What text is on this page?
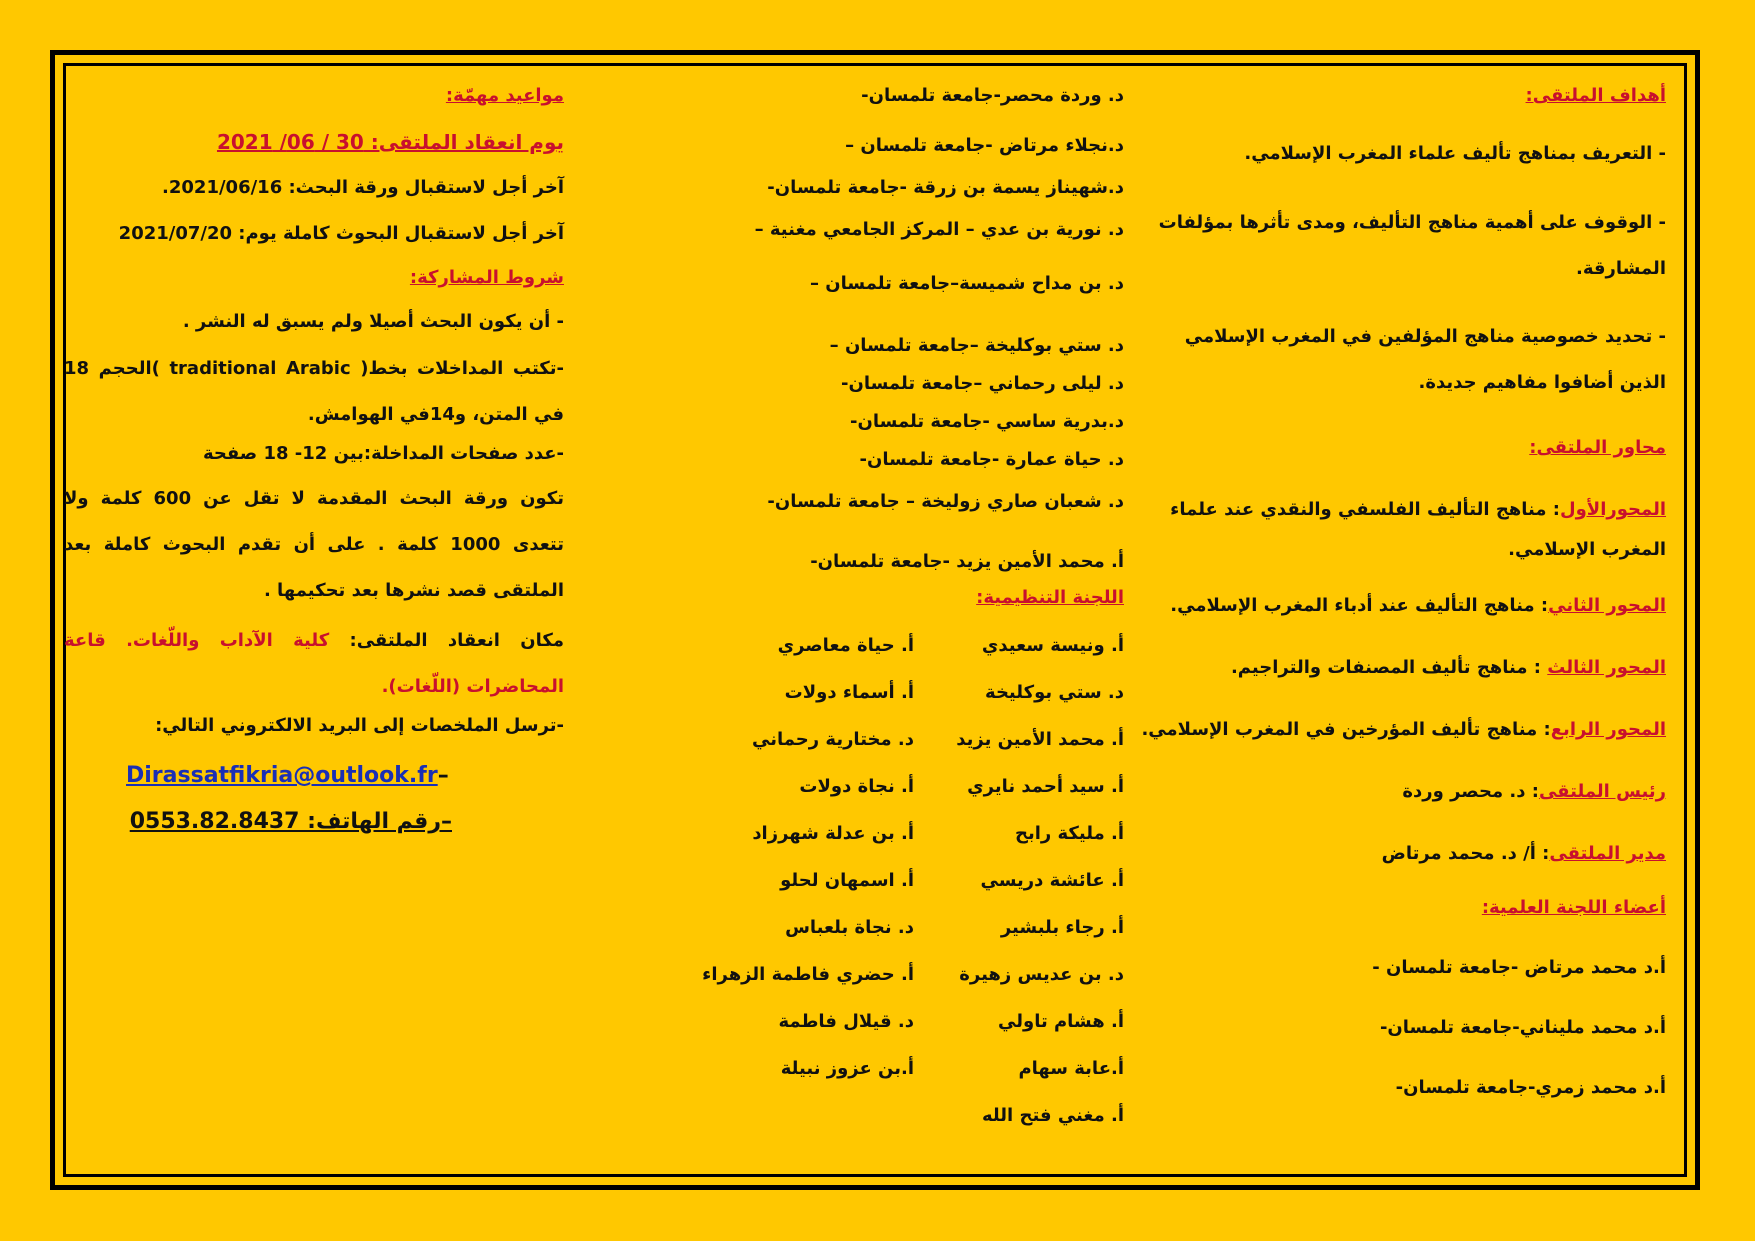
أهداف الملتقى:
- التعريف بمناهج تأليف علماء المغرب الإسلامي.
- الوقوف على أهمية مناهج التأليف، ومدى تأثرها بمؤلفات المشارقة.
- تحديد خصوصية مناهج المؤلفين في المغرب الإسلامي الذين أضافوا مفاهيم جديدة.
محاور الملتقى:
المحورالأول: مناهج التأليف الفلسفي والنقدي عند علماء المغرب الإسلامي.
المحور الثاني: مناهج التأليف عند أدباء المغرب الإسلامي.
المحور الثالث : مناهج تأليف المصنفات والتراجيم.
المحور الرابع: مناهج تأليف المؤرخين في المغرب الإسلامي.
رئيس الملتقى: د. محصر وردة
مدير الملتقى: أ/ د. محمد مرتاض
أعضاء اللجنة العلمية:
أ.د محمد مرتاض -جامعة تلمسان -
أ.د محمد مليناني-جامعة تلمسان-
أ.د محمد زمري-جامعة تلمسان-
د. وردة محصر-جامعة تلمسان-
د.نجلاء مرتاض -جامعة تلمسان –
د.شهيناز يسمة بن زرقة -جامعة تلمسان-
د. نورية بن عدي – المركز الجامعي مغنية –
د. بن مداح شميسة–جامعة تلمسان –
د. ستي بوكليخة –جامعة تلمسان –
د. ليلى رحماني –جامعة تلمسان-
د.بدرية ساسي -جامعة تلمسان-
د. حياة عمارة -جامعة تلمسان-
د. شعبان صاري زوليخة – جامعة تلمسان-
أ. محمد الأمين يزيد -جامعة تلمسان-
اللجنة التنظيمية:
أ. ونيسة سعيدي
أ. حياة معاصري
د. ستي بوكليخة
أ. أسماء دولات
أ. محمد الأمين يزيد
د. مختارية رحماني
أ. سيد أحمد نايري
أ. نجاة دولات
أ. مليكة رابح
أ. بن عدلة شهرزاد
أ. عائشة دريسي
أ. اسمهان لحلو
أ. رجاء بلبشير
د. نجاة بلعباس
د. بن عديس زهيرة
أ. حضري فاطمة الزهراء
أ. هشام تاولي
د. قيلال فاطمة
أ.عابة سهام
أ.بن عزوز نبيلة
أ. مغني فتح الله
مواعيد مهمّة:
يوم انعقاد الملتقى: 30 / 06/ 2021
آخر أجل لاستقبال ورقة البحث: 2021/06/16.
آخر أجل لاستقبال البحوث كاملة يوم: 2021/07/20
شروط المشاركة:
- أن يكون البحث أصيلا ولم يسبق له النشر .
-تكتب المداخلات بخط( traditional Arabic )الحجم 18 في المتن، و14في الهوامش.
-عدد صفحات المداخلة:بين 12- 18 صفحة
تكون ورقة البحث المقدمة لا تقل عن 600 كلمة ولا تتعدى 1000 كلمة . على أن تقدم البحوث كاملة بعد الملتقى قصد نشرها بعد تحكيمها .
مكان انعقاد الملتقى: كلية الآداب واللّغات. قاعة المحاضرات (اللّغات).
-ترسل الملخصات إلى البريد الالكتروني التالي:
Dirassatfikria@outlook.fr–
–رقم الهاتف: 0553.82.8437
